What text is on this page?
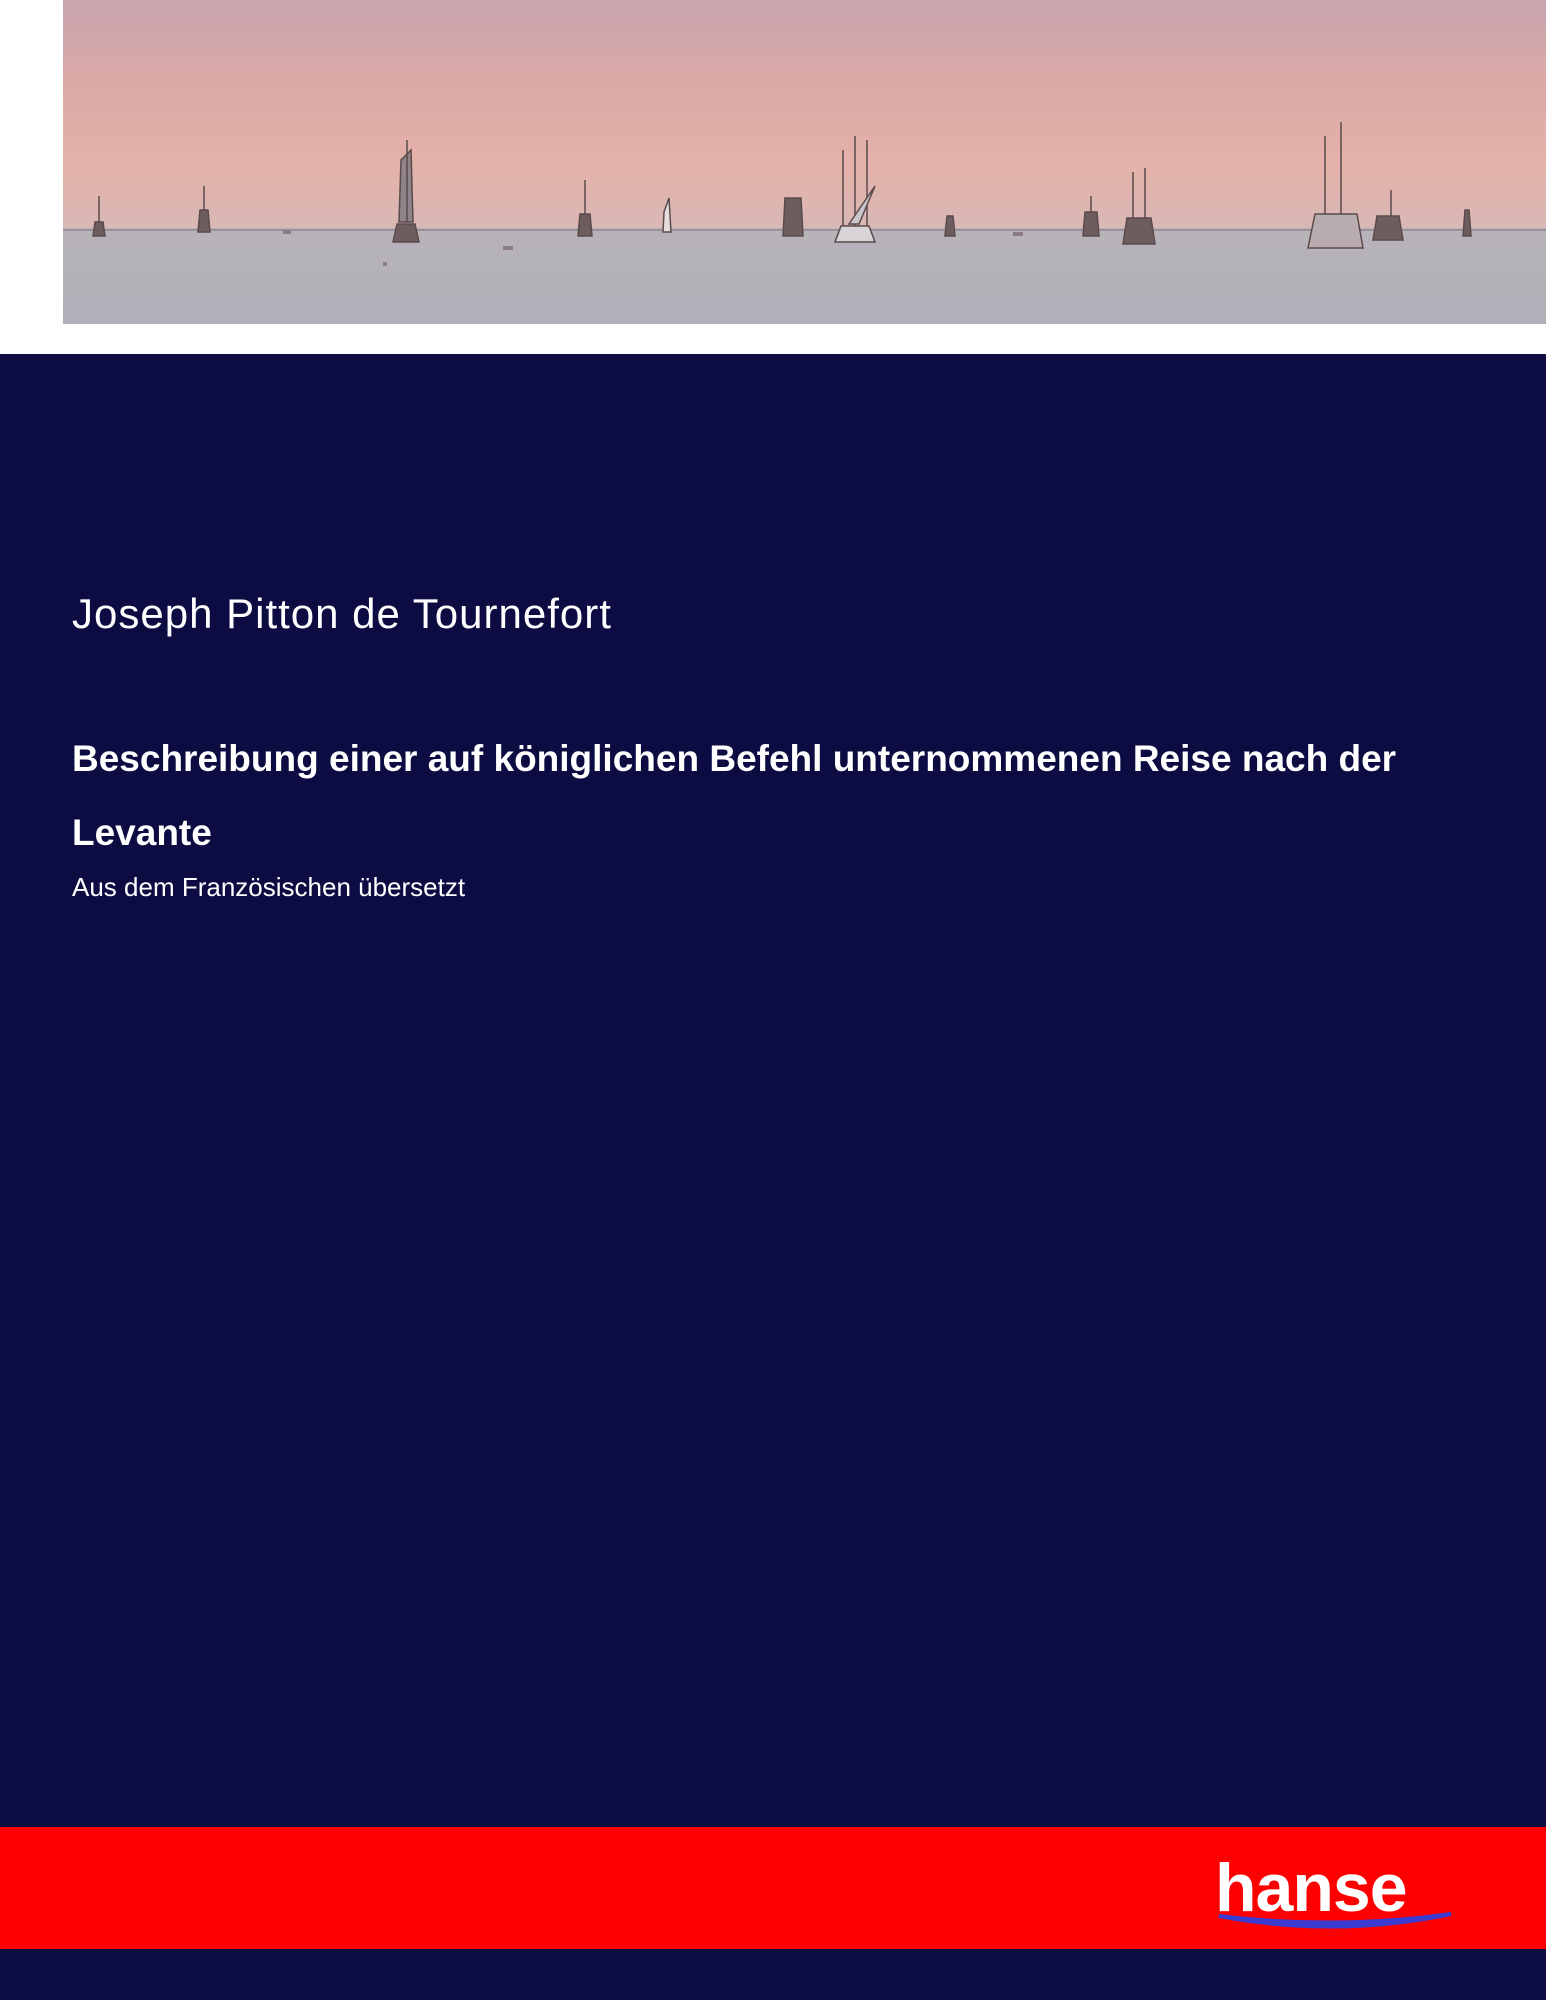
Joseph Pitton de Tournefort
Beschreibung einer auf königlichen Befehl unternommenen Reise nach der Levante
Aus dem Französischen übersetzt
hanse
